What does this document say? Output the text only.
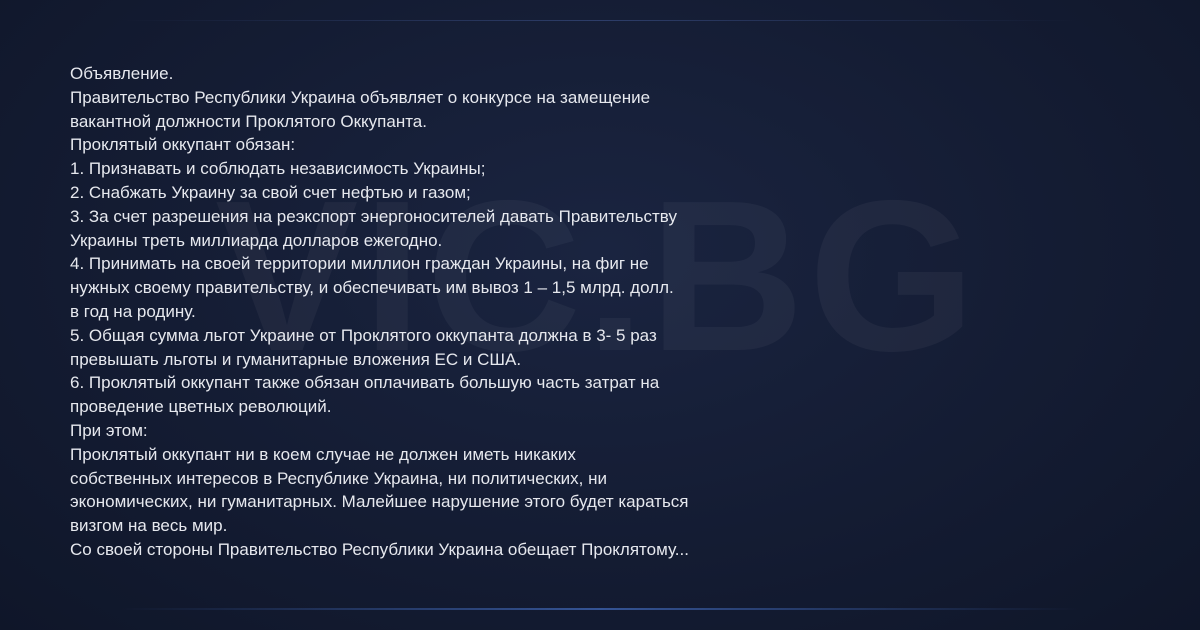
Объявление.
Правительство Республики Украина объявляет о конкурсе на замещение
вакантной должности Проклятого Оккупанта.
Проклятый оккупант обязан:
1. Признавать и соблюдать независимость Украины;
2. Снабжать Украину за свой счет нефтью и газом;
3. За счет разрешения на реэкспорт энергоносителей давать Правительству
Украины треть миллиарда долларов ежегодно.
4. Принимать на своей территории миллион граждан Украины, на фиг не
нужных своему правительству, и обеспечивать им вывоз 1 – 1,5 млрд. долл.
в год на родину.
5. Общая сумма льгот Украине от Проклятого оккупанта должна в 3- 5 раз
превышать льготы и гуманитарные вложения ЕС и США.
6. Проклятый оккупант также обязан оплачивать большую часть затрат на
проведение цветных революций.
При этом:
Проклятый оккупант ни в коем случае не должен иметь никаких
собственных интересов в Республике Украина, ни политических, ни
экономических, ни гуманитарных. Малейшее нарушение этого будет караться
визгом на весь мир.
Со своей стороны Правительство Республики Украина обещает Проклятому...
